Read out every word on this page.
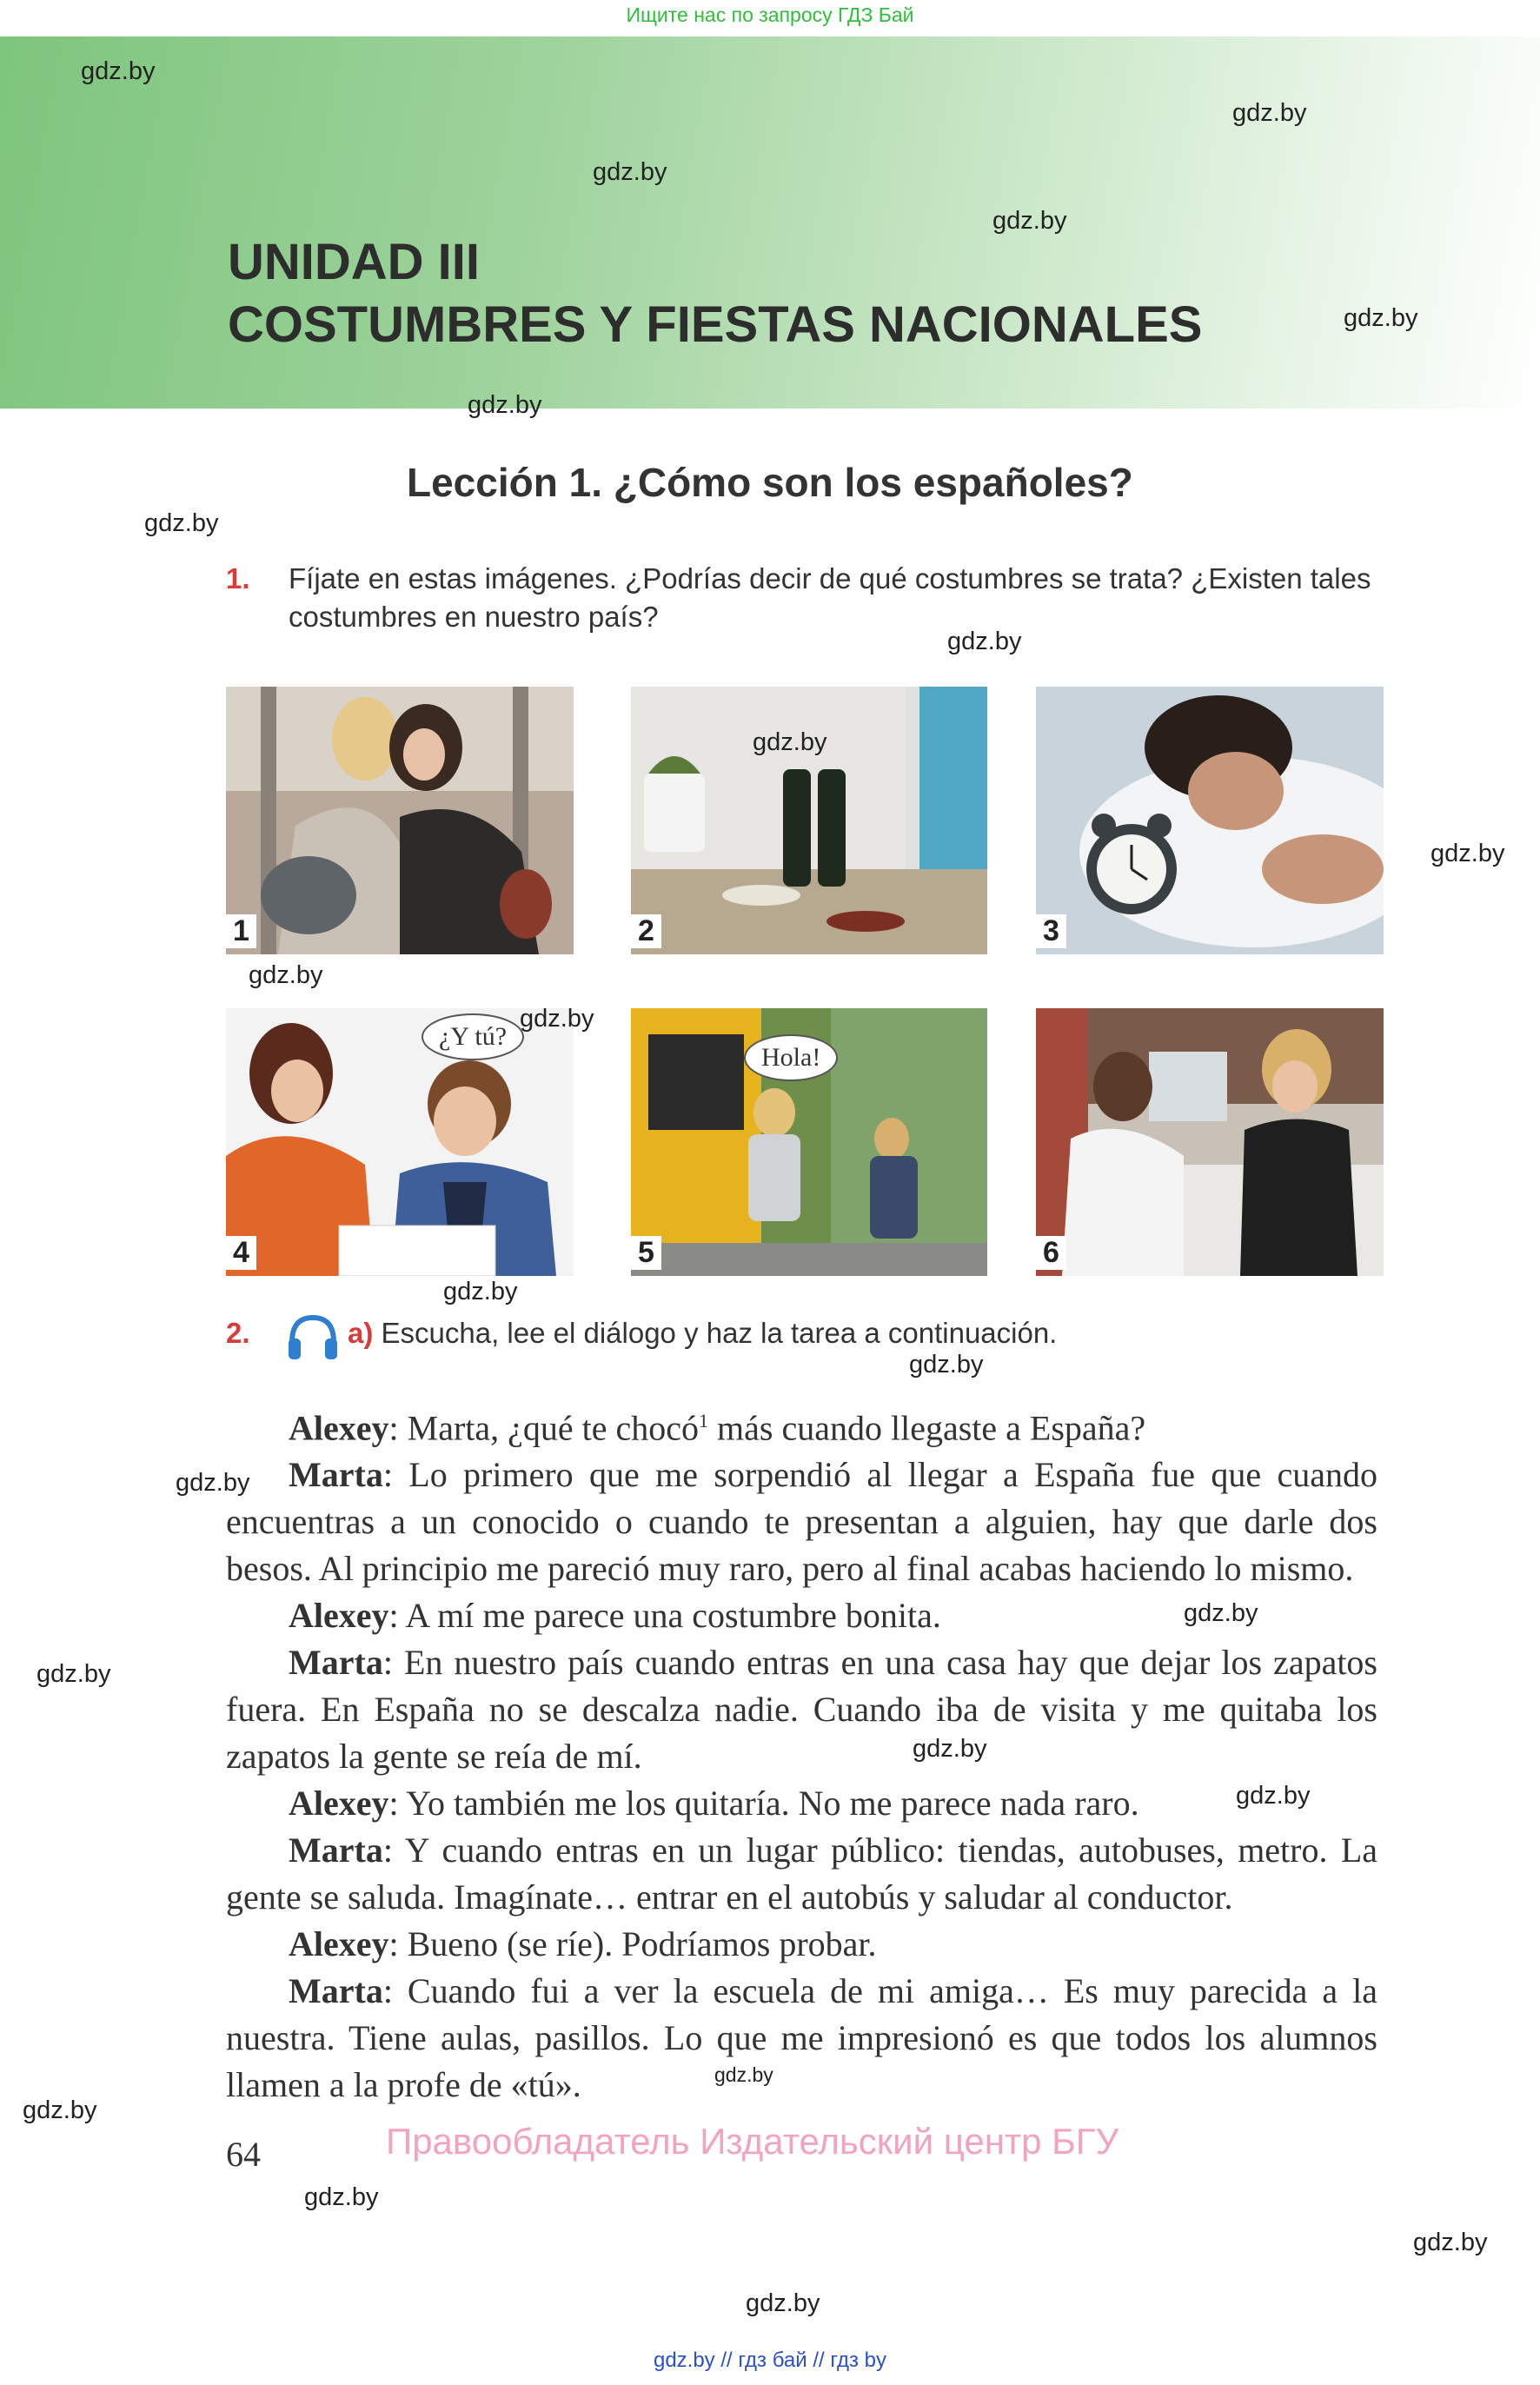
Ищите нас по запросу ГДЗ Бай
UNIDAD III
COSTUMBRES Y FIESTAS NACIONALES
Lección 1. ¿Cómo son los españoles?
1. Fíjate en estas imágenes. ¿Podrías decir de qué costumbres se trata? ¿Existen tales costumbres en nuestro país?
1	2	3
¿Y tú?
4
Hola!
5	6
2.	a) Escucha, lee el diálogo y haz la tarea a continuación.

Alexey: Marta, ¿qué te chocó$^1$ más cuando llegaste a España?

Marta: Lo primero que me sorpendió al llegar a España fue que cuando encuentras a un conocido o cuando te presentan a alguien, hay que darle dos besos. Al principio me pareció muy raro, pero al final acabas haciendo lo mismo.

Alexey: A mí me parece una costumbre bonita.

Marta: En nuestro país cuando entras en una casa hay que dejar los zapatos fuera. En España no se descalza nadie. Cuando iba de visita y me quitaba los zapatos la gente se reía de mí.

Alexey: Yo también me los quitaría. No me parece nada raro.

Marta: Y cuando entras en un lugar público: tiendas, autobuses, metro. La gente se saluda. Imagínate… entrar en el autobús y saludar al conductor.

Alexey: Bueno (se ríe). Podríamos probar.

Marta: Cuando fui a ver la escuela de mi amiga… Es muy parecida a la nuestra. Tiene aulas, pasillos. Lo que me impresionó es que todos los alumnos llamen a la profe de «tú».

64	Правообладатель Издательский центр БГУ
gdz.by // гдз бай // гдз by
gdz.by
gdz.by
gdz.by
gdz.by
gdz.by
gdz.by
gdz.by
gdz.by
gdz.by
gdz.by
gdz.by
gdz.by
gdz.by
gdz.by
gdz.by
gdz.by
gdz.by
gdz.by
gdz.by
gdz.by
gdz.by
gdz.by
gdz.by
gdz.by
